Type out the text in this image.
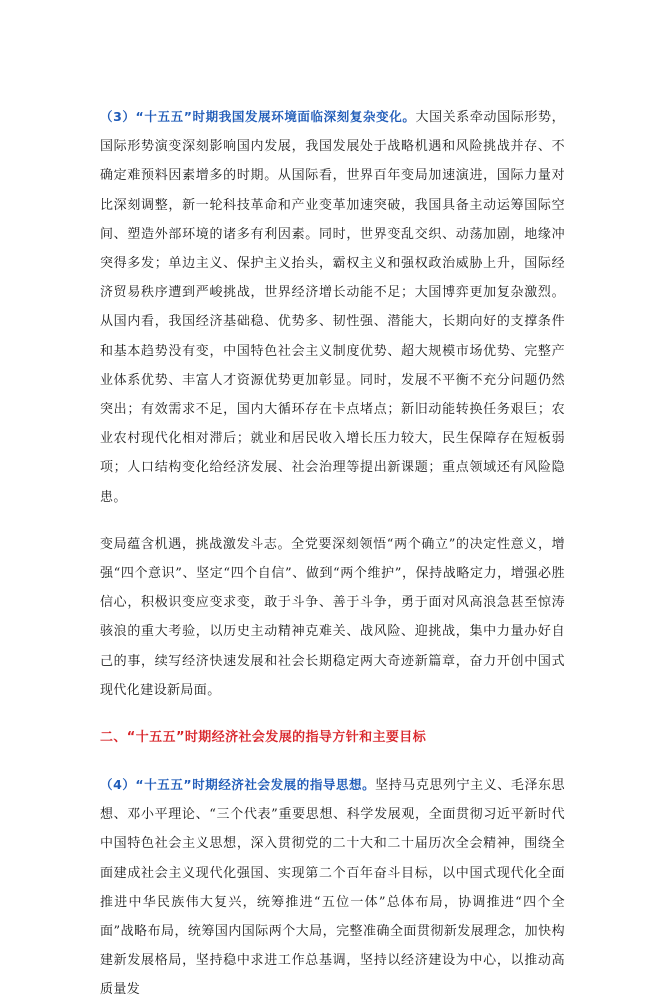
（3）“十五五”时期我国发展环境面临深刻复杂变化。大国关系牵动国际形势，国际形势演变深刻影响国内发展，我国发展处于战略机遇和风险挑战并存、不确定难预料因素增多的时期。从国际看，世界百年变局加速演进，国际力量对比深刻调整，新一轮科技革命和产业变革加速突破，我国具备主动运筹国际空间、塑造外部环境的诸多有利因素。同时，世界变乱交织、动荡加剧，地缘冲突得多发；单边主义、保护主义抬头，霸权主义和强权政治威胁上升，国际经济贸易秩序遭到严峻挑战，世界经济增长动能不足；大国博弈更加复杂激烈。从国内看，我国经济基础稳、优势多、韧性强、潜能大，长期向好的支撑条件和基本趋势没有变，中国特色社会主义制度优势、超大规模市场优势、完整产业体系优势、丰富人才资源优势更加彰显。同时，发展不平衡不充分问题仍然突出；有效需求不足，国内大循环存在卡点堵点；新旧动能转换任务艰巨；农业农村现代化相对滞后；就业和居民收入增长压力较大，民生保障存在短板弱项；人口结构变化给经济发展、社会治理等提出新课题；重点领域还有风险隐患。

变局蕴含机遇，挑战激发斗志。全党要深刻领悟“两个确立”的决定性意义，增强“四个意识”、坚定“四个自信”、做到“两个维护”，保持战略定力，增强必胜信心，积极识变应变求变，敢于斗争、善于斗争，勇于面对风高浪急甚至惊涛骇浪的重大考验，以历史主动精神克难关、战风险、迎挑战，集中力量办好自己的事，续写经济快速发展和社会长期稳定两大奇迹新篇章，奋力开创中国式现代化建设新局面。

二、“十五五”时期经济社会发展的指导方针和主要目标

（4）“十五五”时期经济社会发展的指导思想。坚持马克思列宁主义、毛泽东思想、邓小平理论、“三个代表”重要思想、科学发展观，全面贯彻习近平新时代中国特色社会主义思想，深入贯彻党的二十大和二十届历次全会精神，围绕全面建成社会主义现代化强国、实现第二个百年奋斗目标，以中国式现代化全面推进中华民族伟大复兴，统筹推进“五位一体”总体布局，协调推进“四个全面”战略布局，统筹国内国际两个大局，完整准确全面贯彻新发展理念，加快构建新发展格局，坚持稳中求进工作总基调，坚持以经济建设为中心，以推动高质量发
